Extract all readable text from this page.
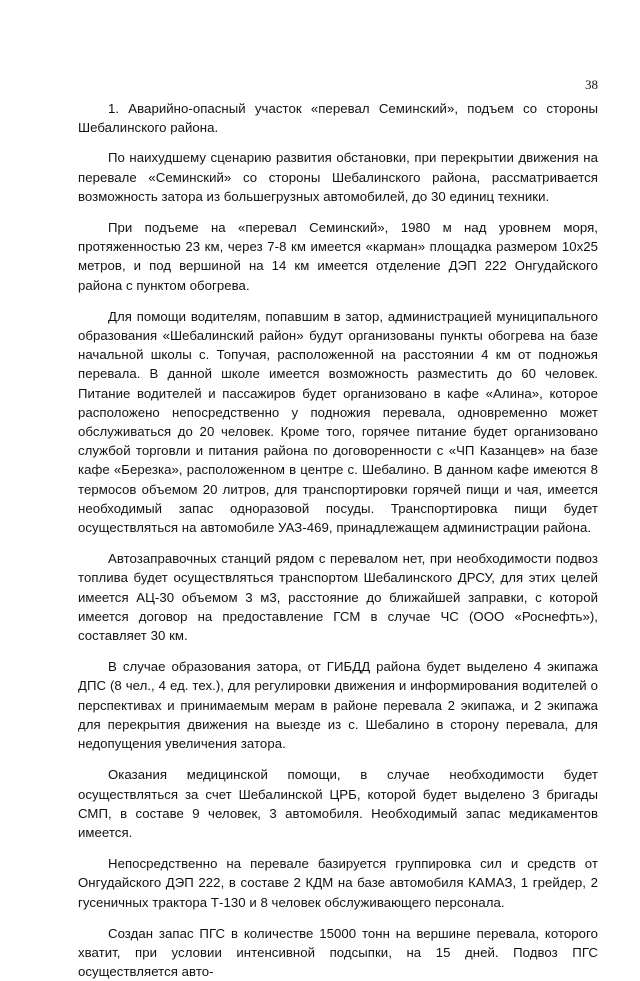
38

1. Аварийно-опасный участок «перевал Семинский», подъем со стороны Шебалинского района.

По наихудшему сценарию развития обстановки, при перекрытии движения на перевале «Семинский» со стороны Шебалинского района, рассматривается возможность затора из большегрузных автомобилей, до 30 единиц техники.

При подъеме на «перевал Семинский», 1980 м над уровнем моря, протяженностью 23 км, через 7-8 км имеется «карман» площадка размером 10х25 метров, и под вершиной на 14 км имеется отделение ДЭП 222 Онгудайского района с пунктом обогрева.

Для помощи водителям, попавшим в затор, администрацией муниципального образования «Шебалинский район» будут организованы пункты обогрева на базе начальной школы с. Топучая, расположенной на расстоянии 4 км от подножья перевала. В данной школе имеется возможность разместить до 60 человек. Питание водителей и пассажиров будет организовано в кафе «Алина», которое расположено непосредственно у подножия перевала, одновременно может обслуживаться до 20 человек. Кроме того, горячее питание будет организовано службой торговли и питания района по договоренности с «ЧП Казанцев» на базе кафе «Березка», расположенном в центре с. Шебалино. В данном кафе имеются 8 термосов объемом 20 литров, для транспортировки горячей пищи и чая, имеется необходимый запас одноразовой посуды. Транспортировка пищи будет осуществляться на автомобиле УАЗ-469, принадлежащем администрации района.

Автозаправочных станций рядом с перевалом нет, при необходимости подвоз топлива будет осуществляться транспортом Шебалинского ДРСУ, для этих целей имеется АЦ-30 объемом 3 м3, расстояние до ближайшей заправки, с которой имеется договор на предоставление ГСМ в случае ЧС (ООО «Роснефть»), составляет 30 км.

В случае образования затора, от ГИБДД района будет выделено 4 экипажа ДПС (8 чел., 4 ед. тех.), для регулировки движения и информирования водителей о перспективах и принимаемым мерам в районе перевала 2 экипажа, и 2 экипажа для перекрытия движения на выезде из с. Шебалино в сторону перевала, для недопущения увеличения затора.

Оказания медицинской помощи, в случае необходимости будет осуществляться за счет Шебалинской ЦРБ, которой будет выделено 3 бригады СМП, в составе 9 человек, 3 автомобиля. Необходимый запас медикаментов имеется.

Непосредственно на перевале базируется группировка сил и средств от Онгудайского ДЭП 222, в составе 2 КДМ на базе автомобиля КАМАЗ, 1 грейдер, 2 гусеничных трактора Т-130 и 8 человек обслуживающего персонала.

Создан запас ПГС в количестве 15000 тонн на вершине перевала, которого хватит, при условии интенсивной подсыпки, на 15 дней. Подвоз ПГС осуществляется авто-
